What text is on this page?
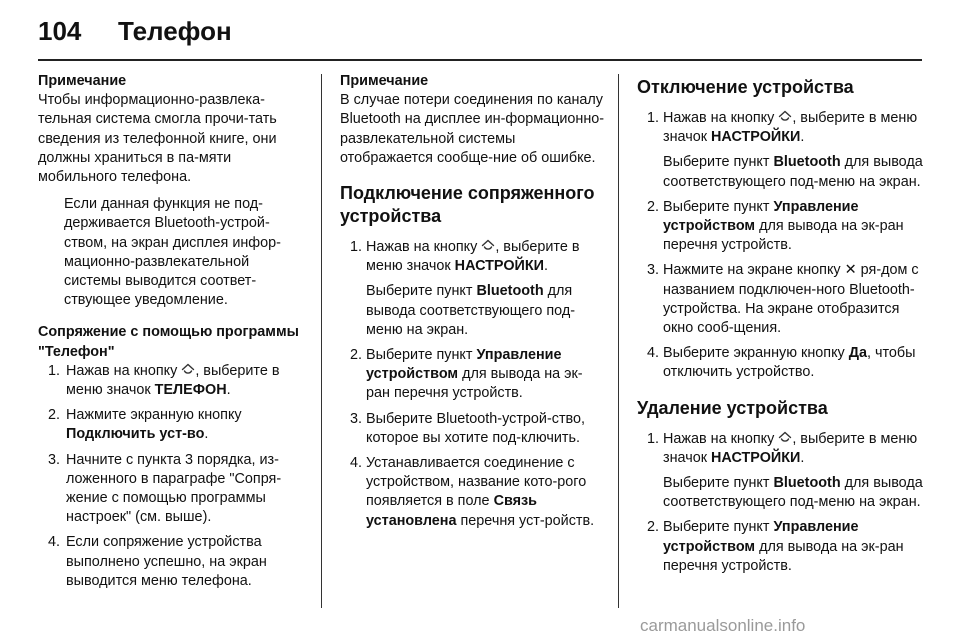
104	Телефон

Примечание

Чтобы информационно-развлека-тельная система смогла прочи-тать сведения из телефонной книге, они должны храниться в па-мяти мобильного телефона.

Если данная функция не под-держивается Bluetooth-устрой-ством, на экран дисплея инфор-мационно-развлекательной системы выводится соответ-ствующее уведомление.

Сопряжение с помощью программы "Телефон"

1. Нажав на кнопку , выберите в меню значок ТЕЛЕФОН.
2. Нажмите экранную кнопку Подключить уст-во.
3. Начните с пункта 3 порядка, из-ложенного в параграфе "Сопря-жение с помощью программы настроек" (см. выше).
4. Если сопряжение устройства выполнено успешно, на экран выводится меню телефона.

Примечание

В случае потери соединения по каналу Bluetooth на дисплее ин-формационно-развлекательной системы отображается сообще-ние об ошибке.

Подключение сопряженного устройства
1. Нажав на кнопку , выберите в меню значок НАСТРОЙКИ.
Выберите пункт Bluetooth для вывода соответствующего под-меню на экран.
2. Выберите пункт Управление устройством для вывода на эк-ран перечня устройств.
3. Выберите Bluetooth-устрой-ство, которое вы хотите под-ключить.
4. Устанавливается соединение с устройством, название кото-рого появляется в поле Связь установлена перечня уст-ройств.
Отключение устройства
1. Нажав на кнопку , выберите в меню значок НАСТРОЙКИ.
Выберите пункт Bluetooth для вывода соответствующего под-меню на экран.
2. Выберите пункт Управление устройством для вывода на эк-ран перечня устройств.
3. Нажмите на экране кнопку ✕ ря-дом с названием подключен-ного Bluetooth-устройства. На экране отобразится окно сооб-щения.
4. Выберите экранную кнопку Да, чтобы отключить устройство.
Удаление устройства
1. Нажав на кнопку , выберите в меню значок НАСТРОЙКИ.
Выберите пункт Bluetooth для вывода соответствующего под-меню на экран.
2. Выберите пункт Управление устройством для вывода на эк-ран перечня устройств.
carmanualsonline.info
